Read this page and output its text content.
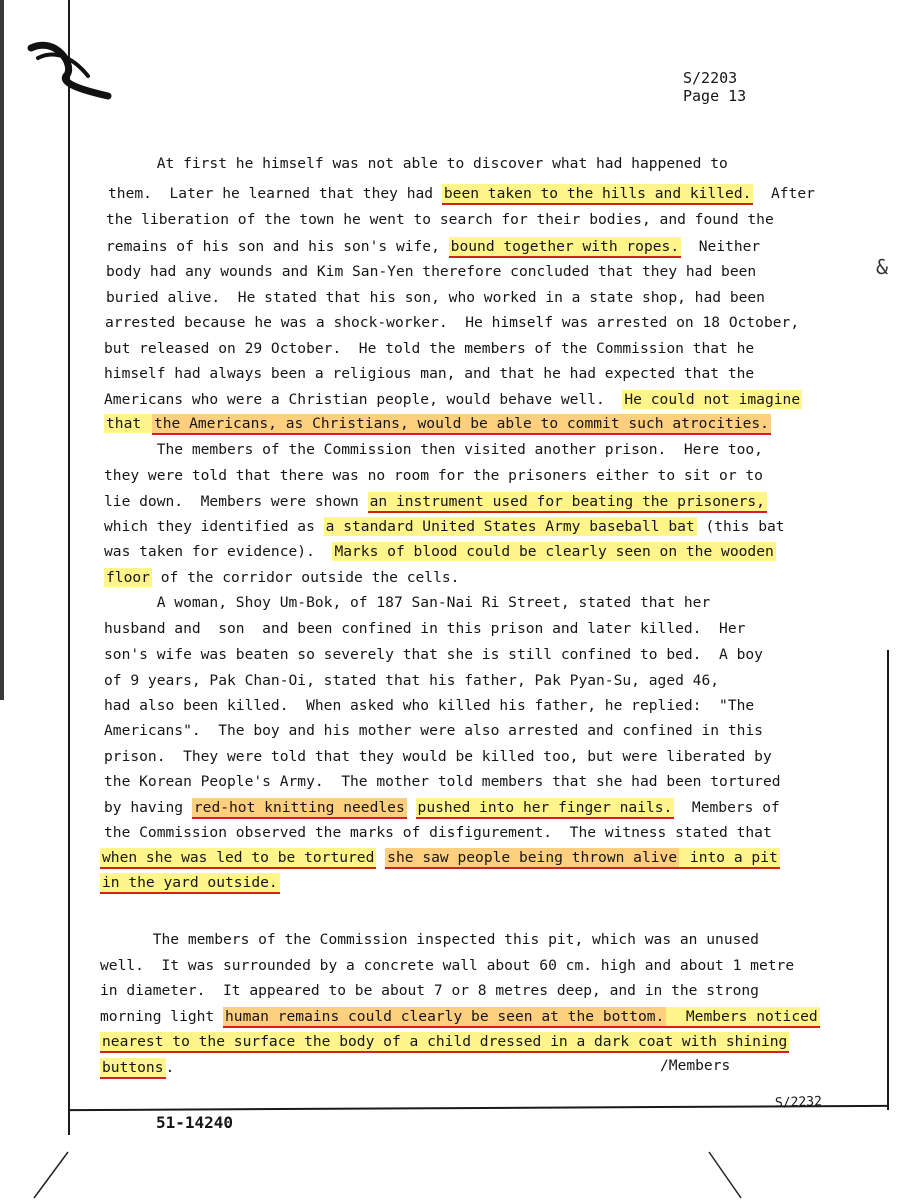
S/2203
Page 13
At first he himself was not able to discover what had happened to
them.  Later he learned that they had been taken to the hills and killed.  After
the liberation of the town he went to search for their bodies, and found the
remains of his son and his son's wife, bound together with ropes.  Neither
body had any wounds and Kim San-Yen therefore concluded that they had been
buried alive.  He stated that his son, who worked in a state shop, had been
arrested because he was a shock-worker.  He himself was arrested on 18 October,
but released on 29 October.  He told the members of the Commission that he
himself had always been a religious man, and that he had expected that the
Americans who were a Christian people, would behave well.  He could not imagine
that the Americans, as Christians, would be able to commit such atrocities.
The members of the Commission then visited another prison.  Here too,
they were told that there was no room for the prisoners either to sit or to
lie down.  Members were shown an instrument used for beating the prisoners,
which they identified as a standard United States Army baseball bat (this bat
was taken for evidence).  Marks of blood could be clearly seen on the wooden
floor of the corridor outside the cells.
A woman, Shoy Um-Bok, of 187 San-Nai Ri Street, stated that her
husband and  son  and been confined in this prison and later killed.  Her
son's wife was beaten so severely that she is still confined to bed.  A boy
of 9 years, Pak Chan-Oi, stated that his father, Pak Pyan-Su, aged 46,
had also been killed.  When asked who killed his father, he replied:  "The
Americans".  The boy and his mother were also arrested and confined in this
prison.  They were told that they would be killed too, but were liberated by
the Korean People's Army.  The mother told members that she had been tortured
by having red-hot knitting needles pushed into her finger nails.  Members of
the Commission observed the marks of disfigurement.  The witness stated that
when she was led to be tortured she saw people being thrown alive into a pit
in the yard outside.
The members of the Commission inspected this pit, which was an unused
well.  It was surrounded by a concrete wall about 60 cm. high and about 1 metre
in diameter.  It appeared to be about 7 or 8 metres deep, and in the strong
morning light human remains could clearly be seen at the bottom.  Members noticed
nearest to the surface the body of a child dressed in a dark coat with shining
buttons .
&
/Members
51-14240
S/2232
